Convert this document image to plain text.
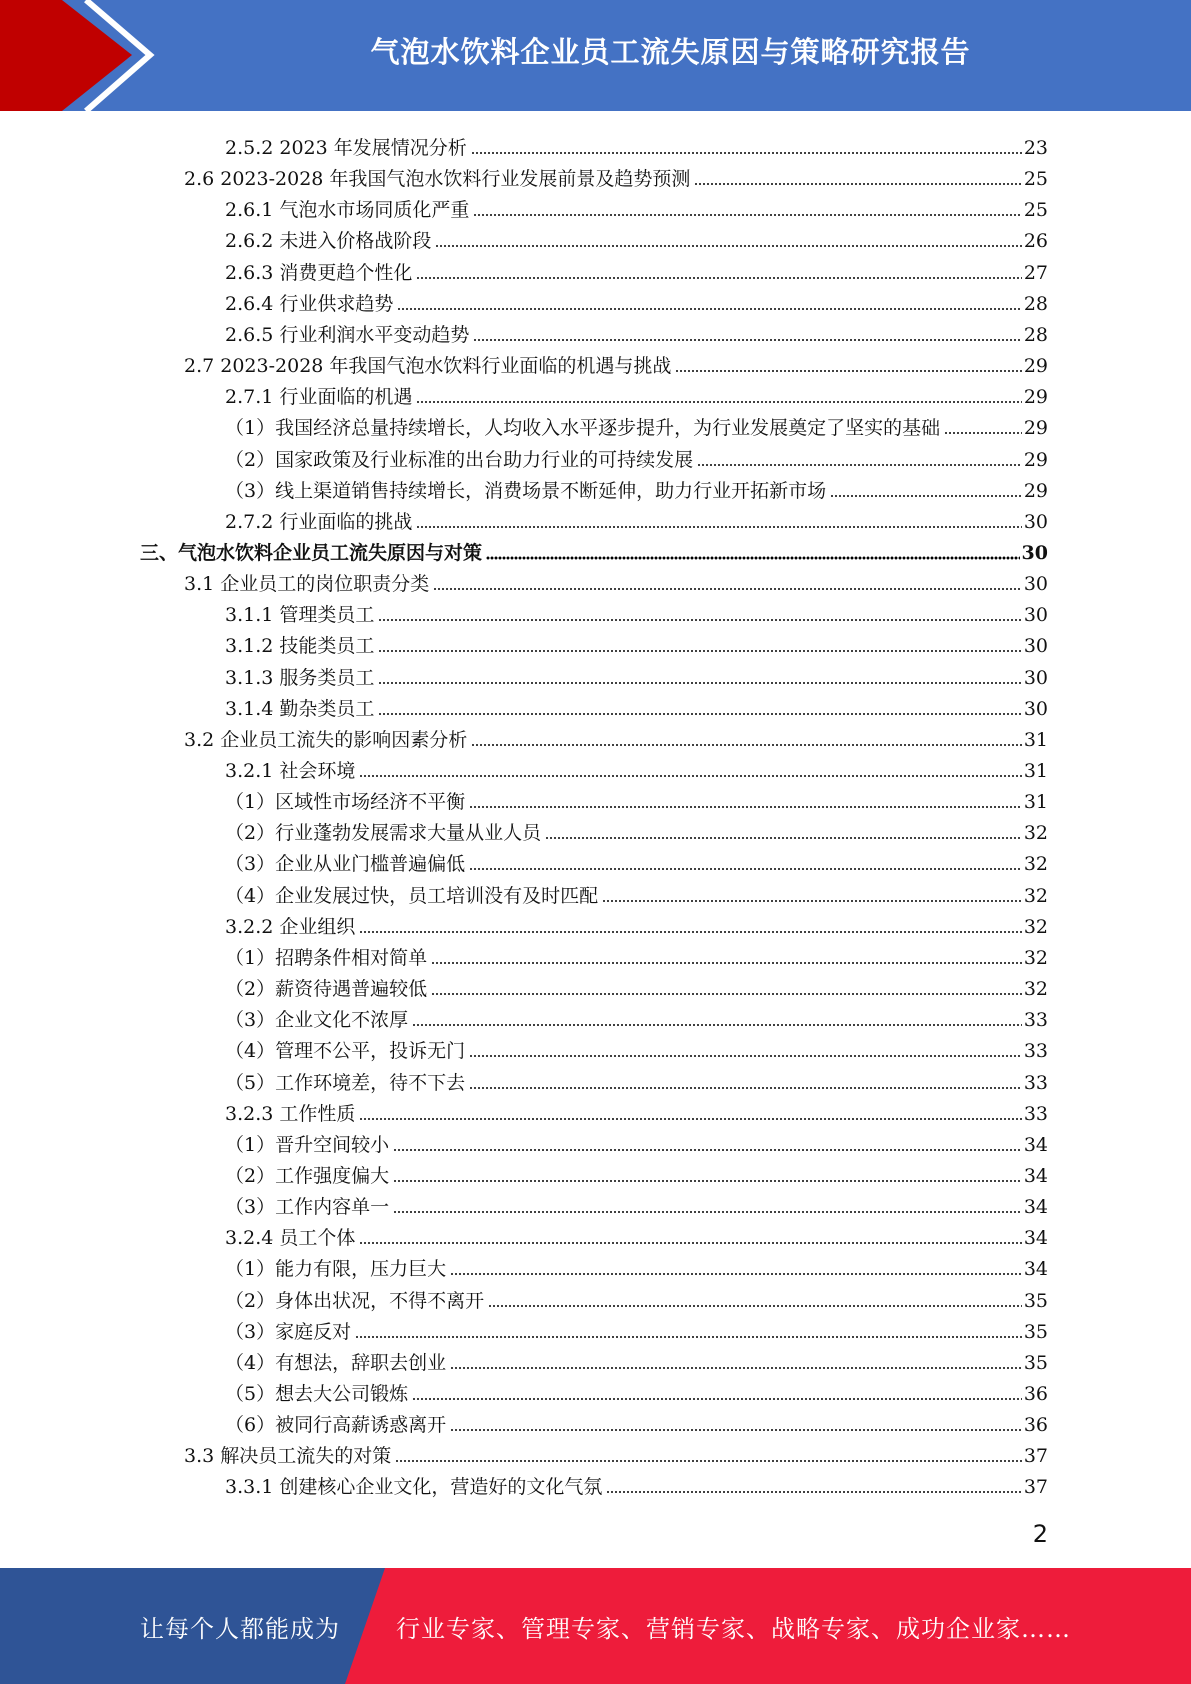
气泡水饮料企业员工流失原因与策略研究报告
2.5.2 2023 年发展情况分析	23
2.6 2023-2028 年我国气泡水饮料行业发展前景及趋势预测	25
2.6.1 气泡水市场同质化严重	25
2.6.2 未进入价格战阶段	26
2.6.3 消费更趋个性化	27
2.6.4 行业供求趋势	28
2.6.5 行业利润水平变动趋势	28
2.7 2023-2028 年我国气泡水饮料行业面临的机遇与挑战	29
2.7.1 行业面临的机遇	29
（1）我国经济总量持续增长，人均收入水平逐步提升，为行业发展奠定了坚实的基础	29
（2）国家政策及行业标准的出台助力行业的可持续发展	29
（3）线上渠道销售持续增长，消费场景不断延伸，助力行业开拓新市场	29
2.7.2 行业面临的挑战	30
三、气泡水饮料企业员工流失原因与对策	30
3.1 企业员工的岗位职责分类	30
3.1.1 管理类员工	30
3.1.2 技能类员工	30
3.1.3 服务类员工	30
3.1.4 勤杂类员工	30
3.2 企业员工流失的影响因素分析	31
3.2.1 社会环境	31
（1）区域性市场经济不平衡	31
（2）行业蓬勃发展需求大量从业人员	32
（3）企业从业门槛普遍偏低	32
（4）企业发展过快，员工培训没有及时匹配	32
3.2.2 企业组织	32
（1）招聘条件相对简单	32
（2）薪资待遇普遍较低	32
（3）企业文化不浓厚	33
（4）管理不公平，投诉无门	33
（5）工作环境差，待不下去	33
3.2.3 工作性质	33
（1）晋升空间较小	34
（2）工作强度偏大	34
（3）工作内容单一	34
3.2.4 员工个体	34
（1）能力有限，压力巨大	34
（2）身体出状况，不得不离开	35
（3）家庭反对	35
（4）有想法，辞职去创业	35
（5）想去大公司锻炼	36
（6）被同行高薪诱惑离开	36
3.3 解决员工流失的对策	37
3.3.1 创建核心企业文化，营造好的文化气氛	37
2
让每个人都能成为 行业专家、管理专家、营销专家、战略专家、成功企业家……
